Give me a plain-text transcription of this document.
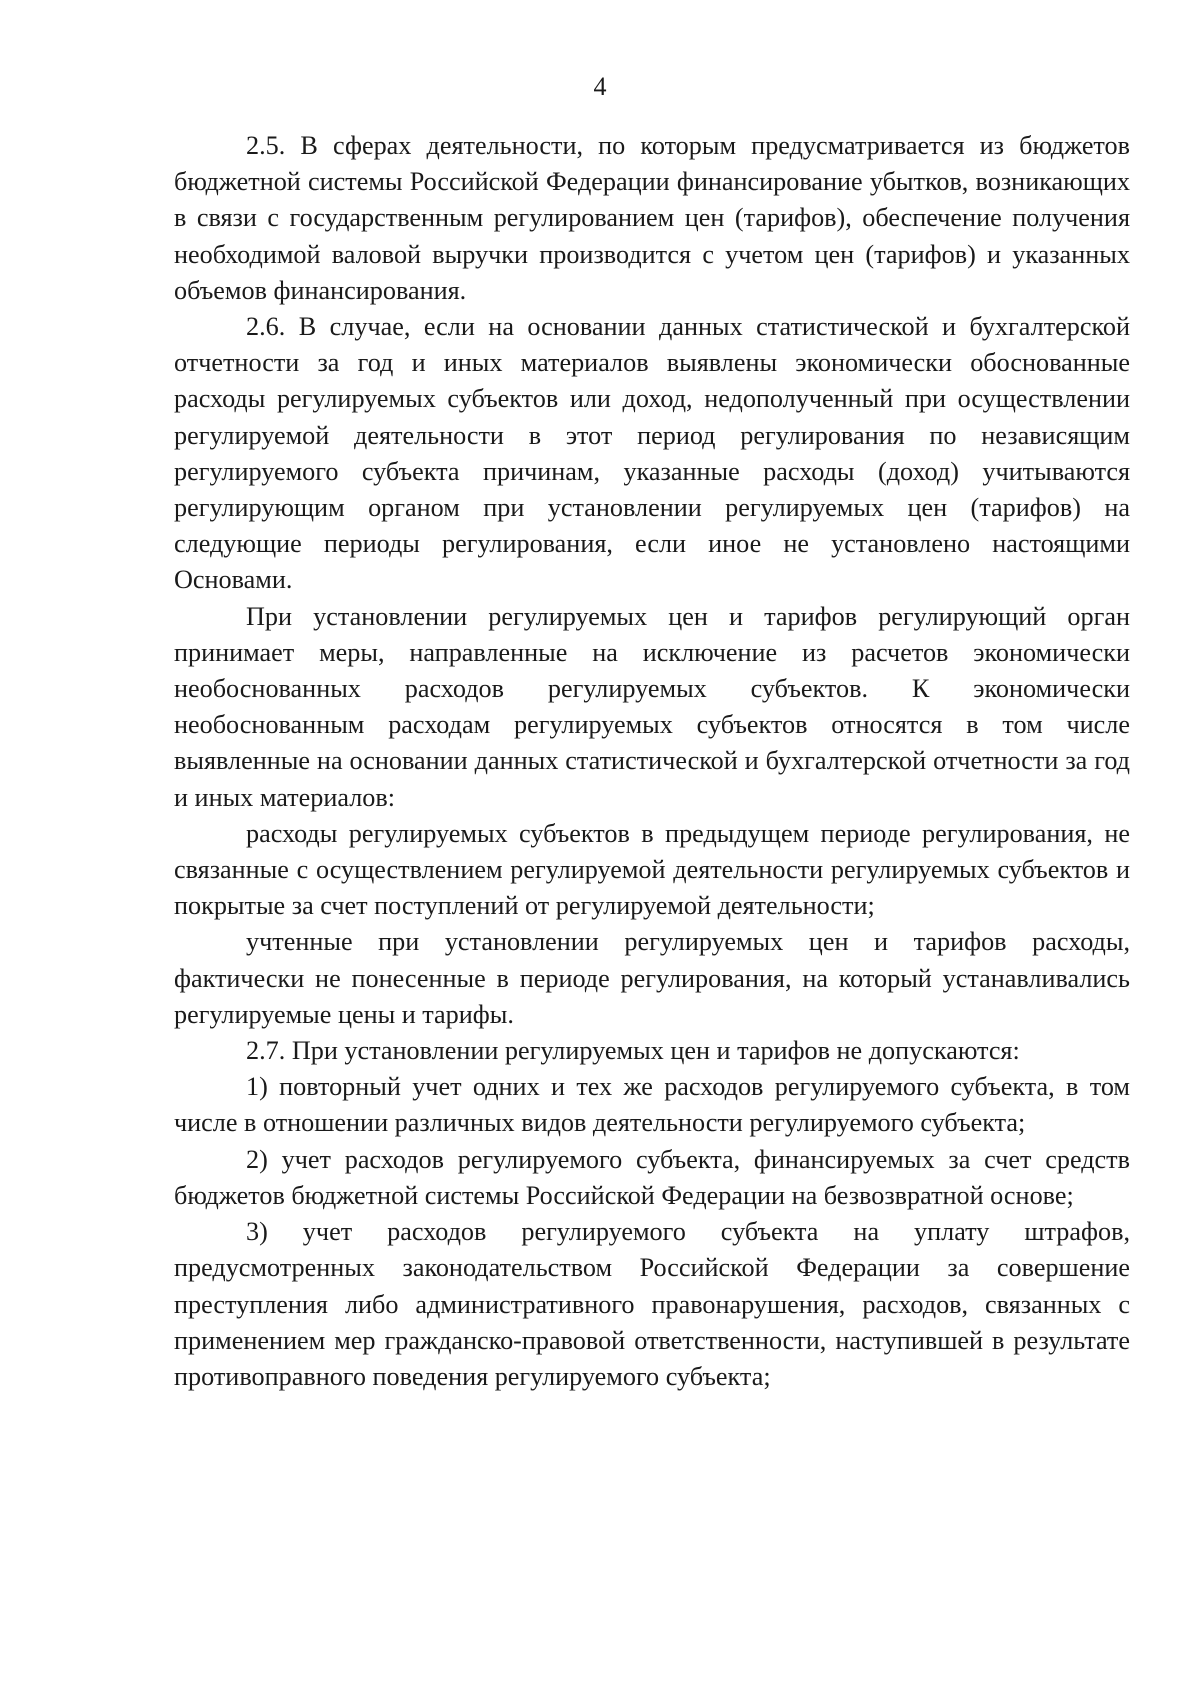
4

2.5. В сферах деятельности, по которым предусматривается из бюджетов бюджетной системы Российской Федерации финансирование убытков, возникающих в связи с государственным регулированием цен (тарифов), обеспечение получения необходимой валовой выручки производится с учетом цен (тарифов) и указанных объемов финансирования.

2.6. В случае, если на основании данных статистической и бухгалтерской отчетности за год и иных материалов выявлены экономически обоснованные расходы регулируемых субъектов или доход, недополученный при осуществлении регулируемой деятельности в этот период регулирования по независящим регулируемого субъекта причинам, указанные расходы (доход) учитываются регулирующим органом при установлении регулируемых цен (тарифов) на следующие периоды регулирования, если иное не установлено настоящими Основами.

При установлении регулируемых цен и тарифов регулирующий орган принимает меры, направленные на исключение из расчетов экономически необоснованных расходов регулируемых субъектов. К экономически необоснованным расходам регулируемых субъектов относятся в том числе выявленные на основании данных статистической и бухгалтерской отчетности за год и иных материалов:

расходы регулируемых субъектов в предыдущем периоде регулирования, не связанные с осуществлением регулируемой деятельности регулируемых субъектов и покрытые за счет поступлений от регулируемой деятельности;

учтенные при установлении регулируемых цен и тарифов расходы, фактически не понесенные в периоде регулирования, на который устанавливались регулируемые цены и тарифы.

2.7. При установлении регулируемых цен и тарифов не допускаются:

1) повторный учет одних и тех же расходов регулируемого субъекта, в том числе в отношении различных видов деятельности регулируемого субъекта;

2) учет расходов регулируемого субъекта, финансируемых за счет средств бюджетов бюджетной системы Российской Федерации на безвозвратной основе;

3) учет расходов регулируемого субъекта на уплату штрафов, предусмотренных законодательством Российской Федерации за совершение преступления либо административного правонарушения, расходов, связанных с применением мер гражданско-правовой ответственности, наступившей в результате противоправного поведения регулируемого субъекта;
